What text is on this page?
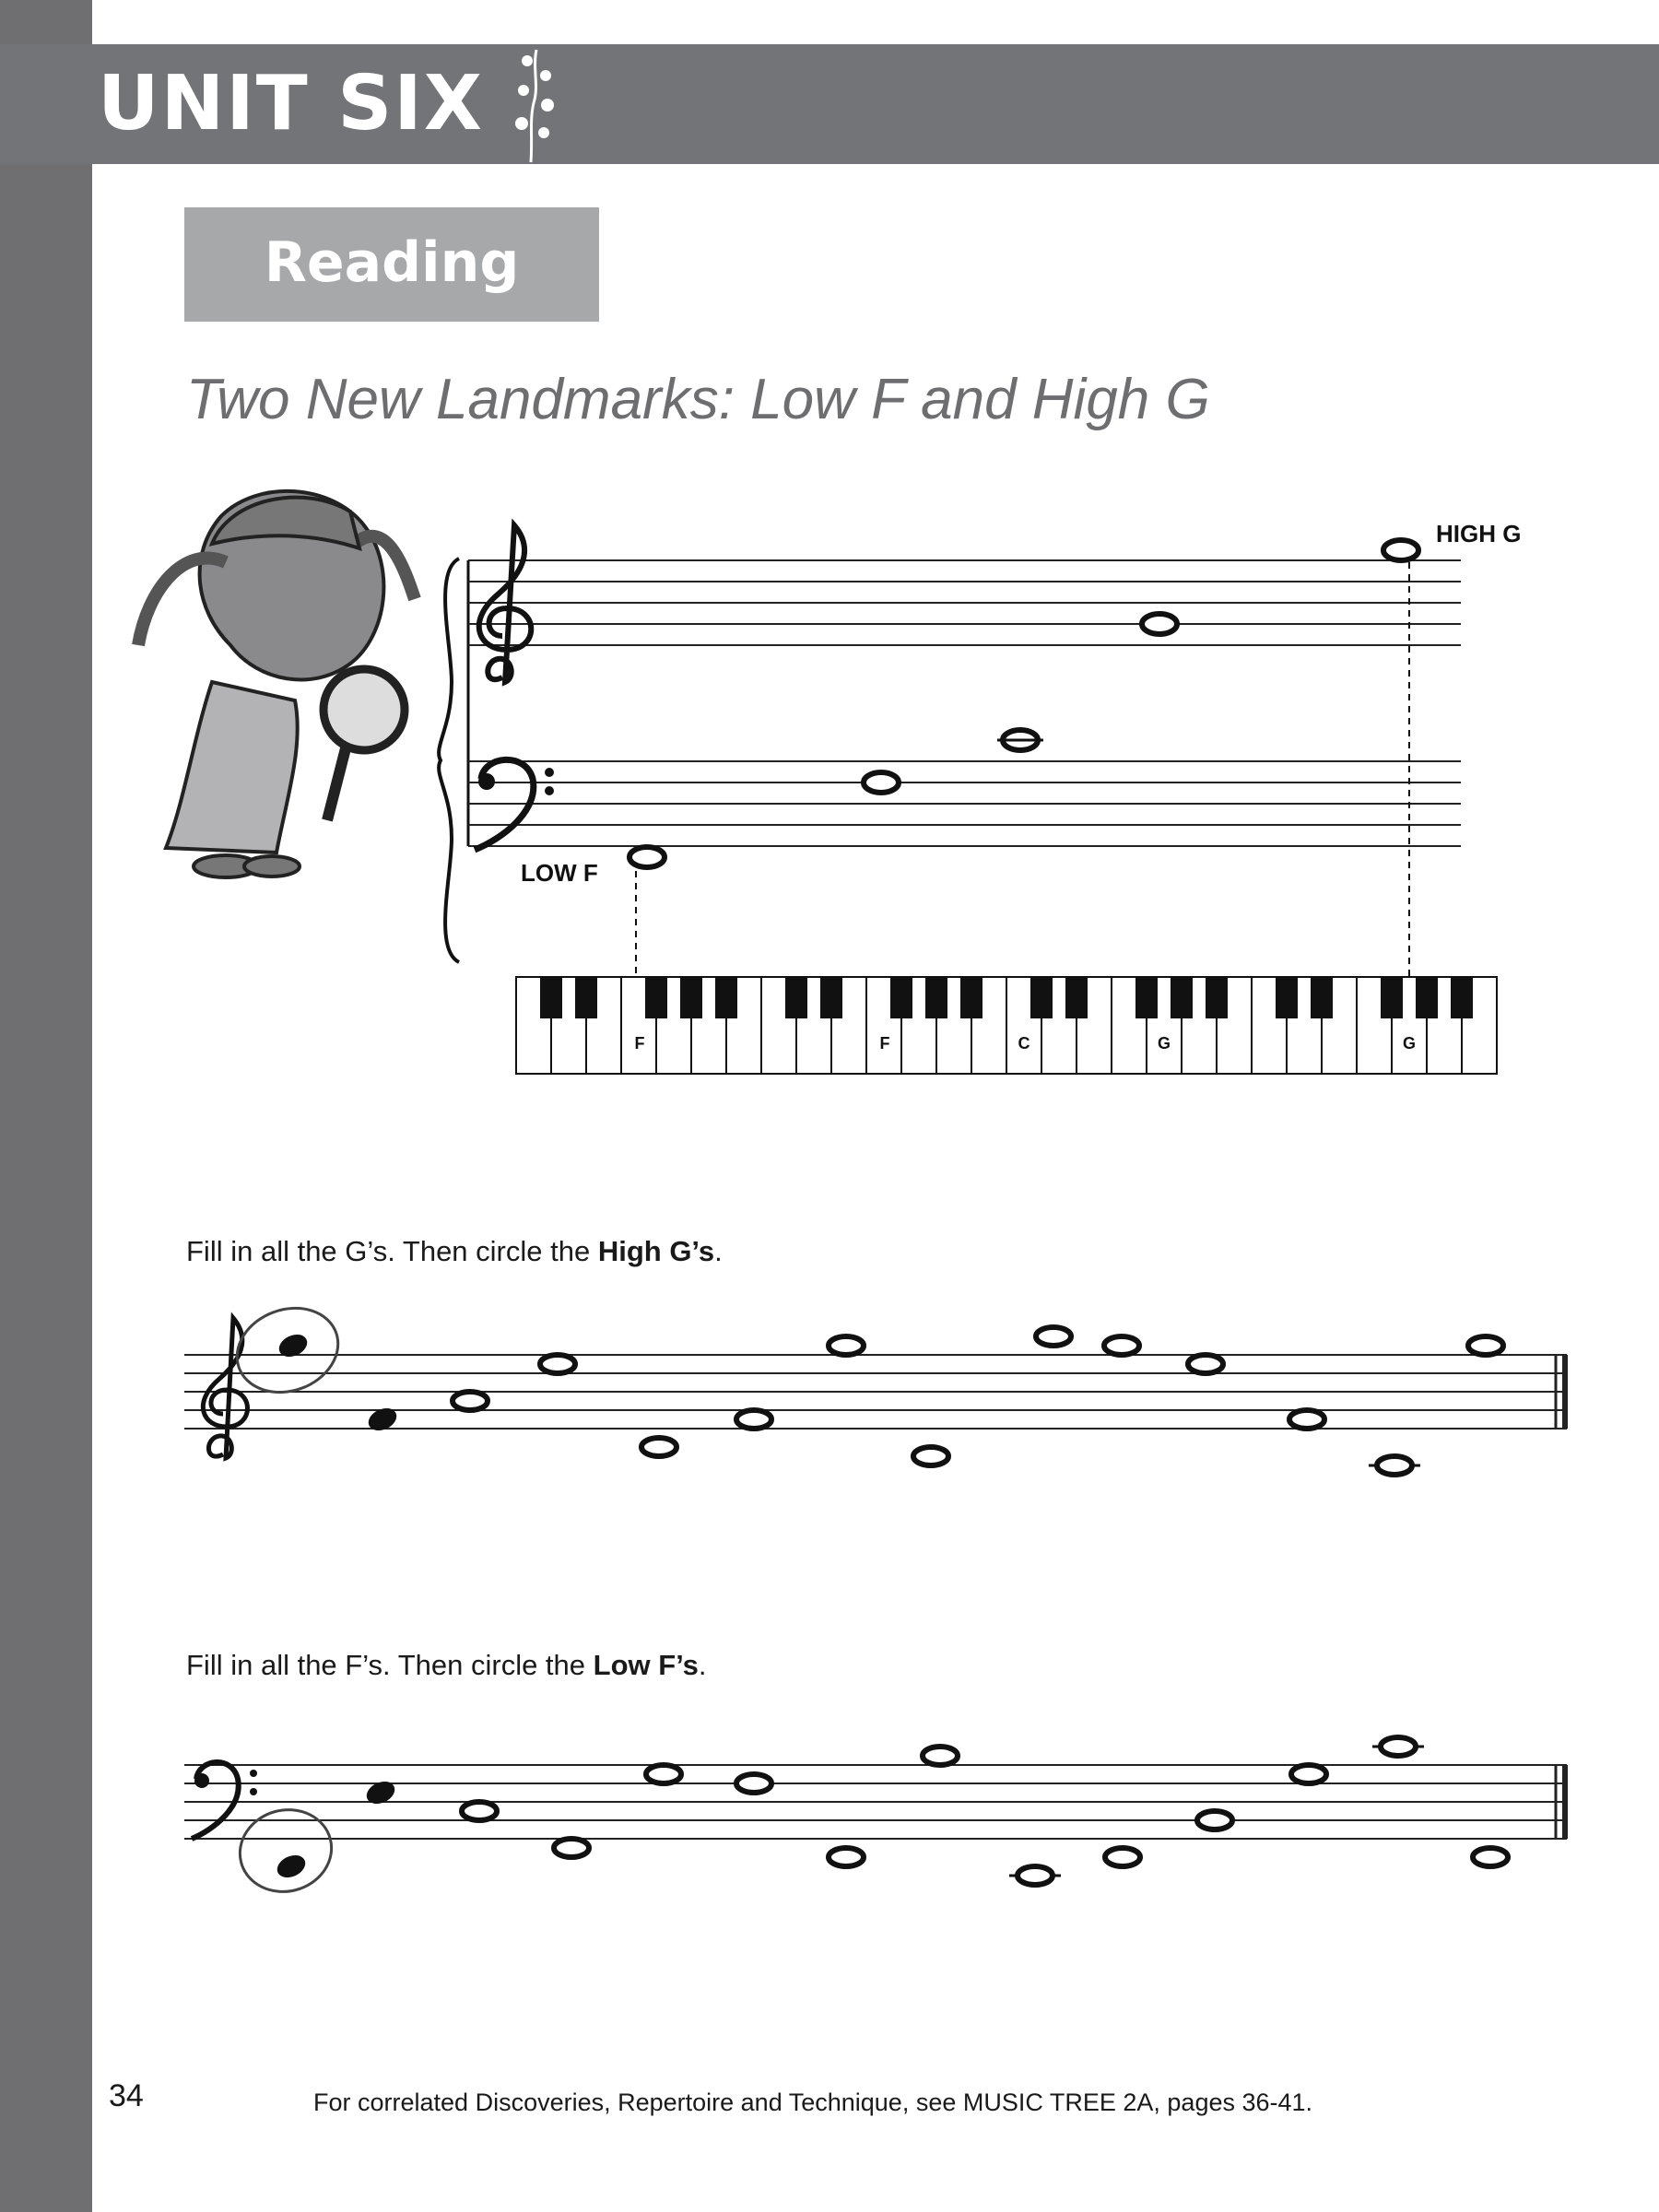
UNIT SIX
Reading
Two New Landmarks: Low F and High G
HIGH G
LOW F
F	F	C	G	G
Fill in all the G’s. Then circle the High G’s.
Fill in all the F’s. Then circle the Low F’s.
34	For correlated Discoveries, Repertoire and Technique, see MUSIC TREE 2A, pages 36-41.
